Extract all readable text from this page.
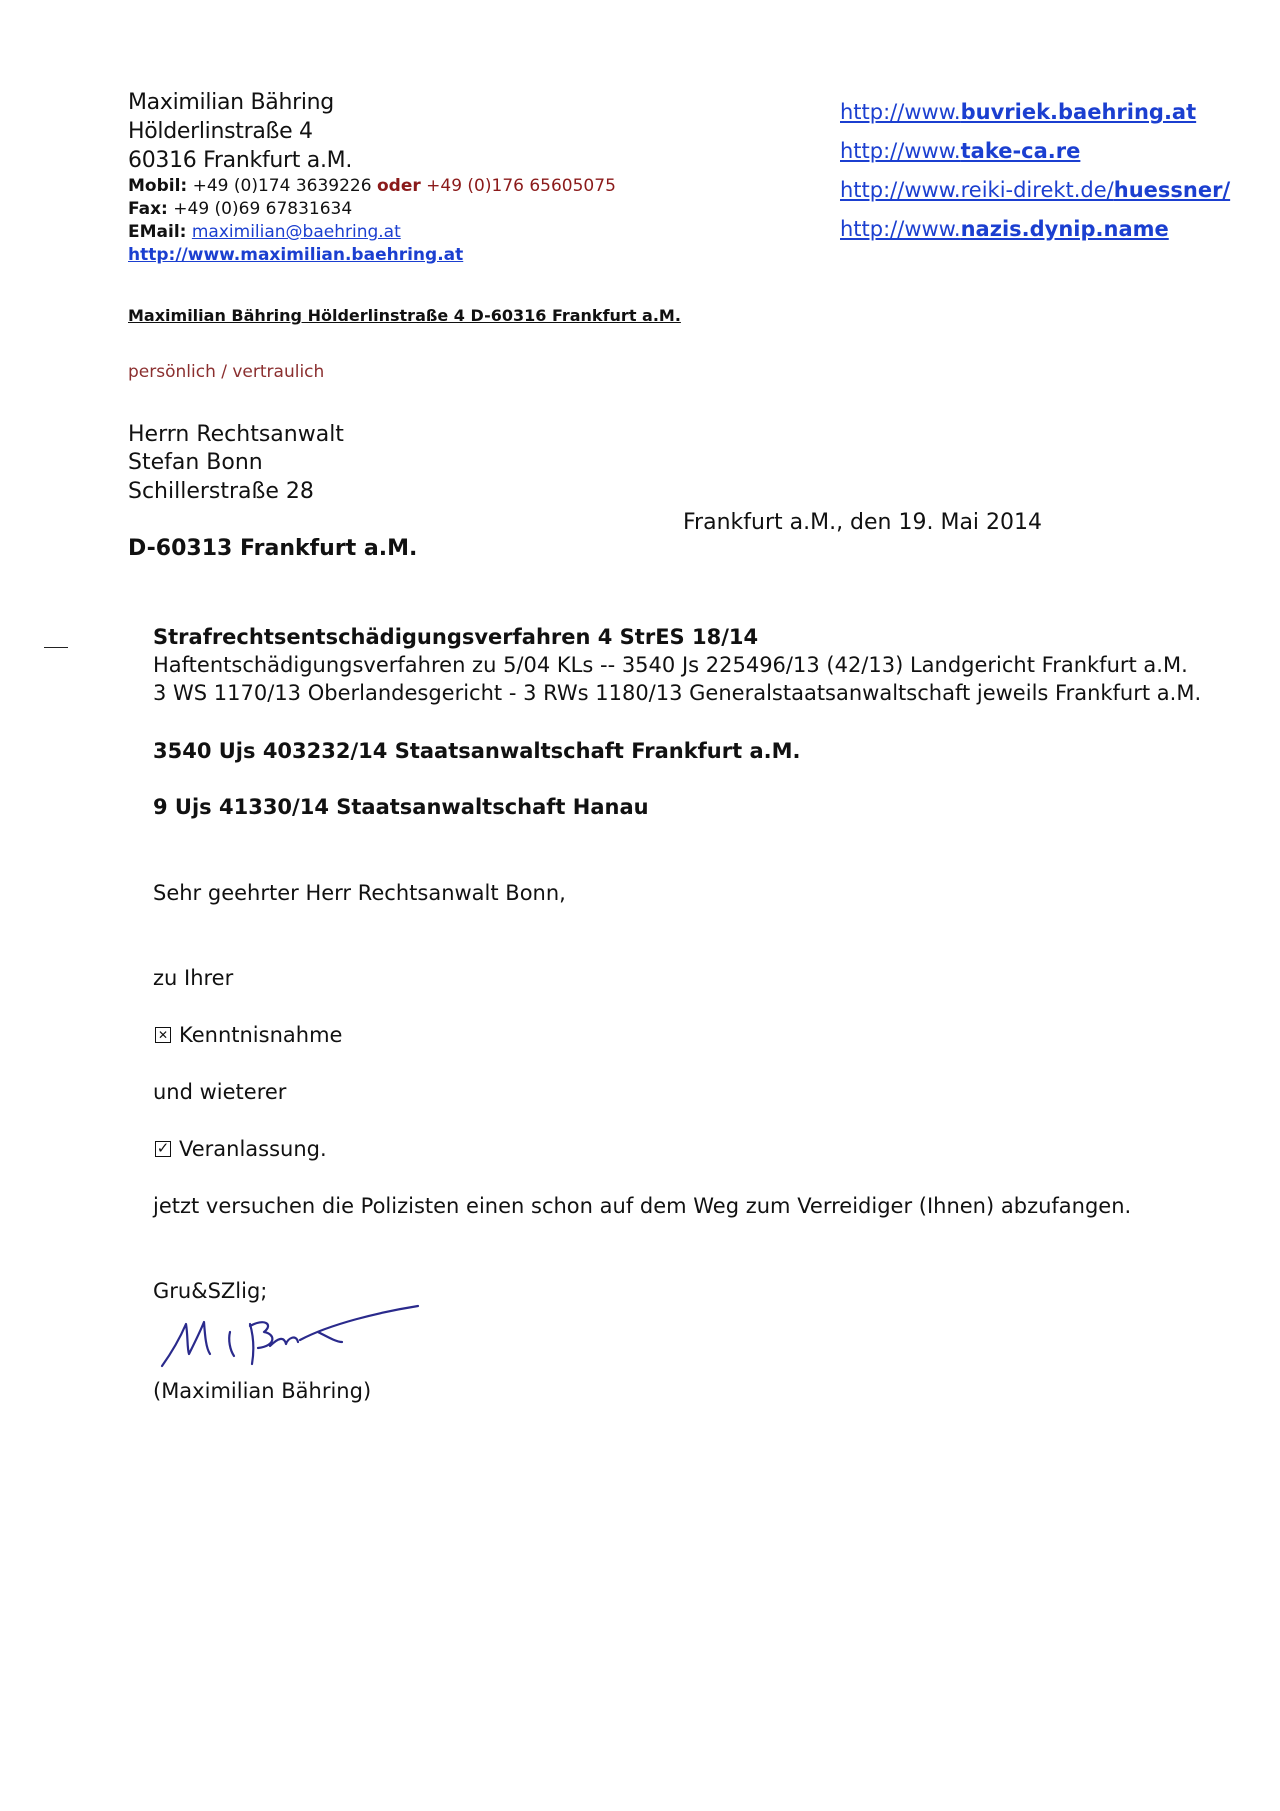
Maximilian Bähring
Hölderlinstraße 4
60316 Frankfurt a.M.
Mobil: +49 (0)174 3639226 oder +49 (0)176 65605075
Fax: +49 (0)69 67831634
EMail: maximilian@baehring.at
http://www.maximilian.baehring.at
http://www.buvriek.baehring.at
http://www.take-ca.re
http://www.reiki-direkt.de/huessner/
http://www.nazis.dynip.name
Maximilian Bähring Hölderlinstraße 4 D-60316 Frankfurt a.M.
persönlich / vertraulich
Herrn Rechtsanwalt
Stefan Bonn
Schillerstraße 28
D-60313 Frankfurt a.M.
Frankfurt a.M., den 19. Mai 2014
Strafrechtsentschädigungsverfahren 4 StrES 18/14
Haftentschädigungsverfahren zu 5/04 KLs -- 3540 Js 225496/13 (42/13) Landgericht Frankfurt a.M.
3 WS 1170/13 Oberlandesgericht - 3 RWs 1180/13 Generalstaatsanwaltschaft jeweils Frankfurt a.M.
3540 Ujs 403232/14 Staatsanwaltschaft Frankfurt a.M.
9 Ujs 41330/14 Staatsanwaltschaft Hanau
Sehr geehrter Herr Rechtsanwalt Bonn,
zu Ihrer
✕Kenntnisnahme
und wieterer
✓Veranlassung.
jetzt versuchen die Polizisten einen schon auf dem Weg zum Verreidiger (Ihnen) abzufangen.
Gru&SZlig;
(Maximilian Bähring)
